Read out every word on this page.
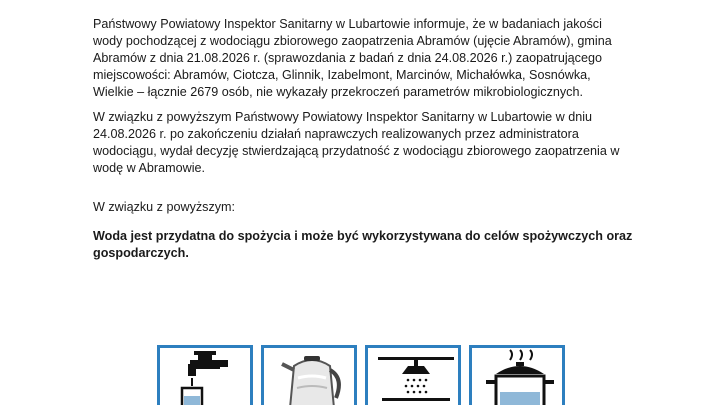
Państwowy Powiatowy Inspektor Sanitarny w Lubartowie informuje, że w badaniach jakości wody pochodzącej z wodociągu zbiorowego zaopatrzenia Abramów (ujęcie Abramów), gmina Abramów z dnia 21.08.2026 r. (sprawozdania z badań z dnia 24.08.2026 r.) zaopatrującego miejscowości: Abramów, Ciotcza, Glinnik, Izabelmont, Marcinów, Michałówka, Sosnówka, Wielkie – łącznie 2679 osób, nie wykazały przekroczeń parametrów mikrobiologicznych.

W związku z powyższym Państwowy Powiatowy Inspektor Sanitarny w Lubartowie w dniu 24.08.2026 r. po zakończeniu działań naprawczych realizowanych przez administratora wodociągu, wydał decyzję stwierdzającą przydatność z wodociągu zbiorowego zaopatrzenia w wodę w Abramowie.

W związku z powyższym:

Woda jest przydatna do spożycia i może być wykorzystywana do celów spożywczych oraz gospodarczych.
